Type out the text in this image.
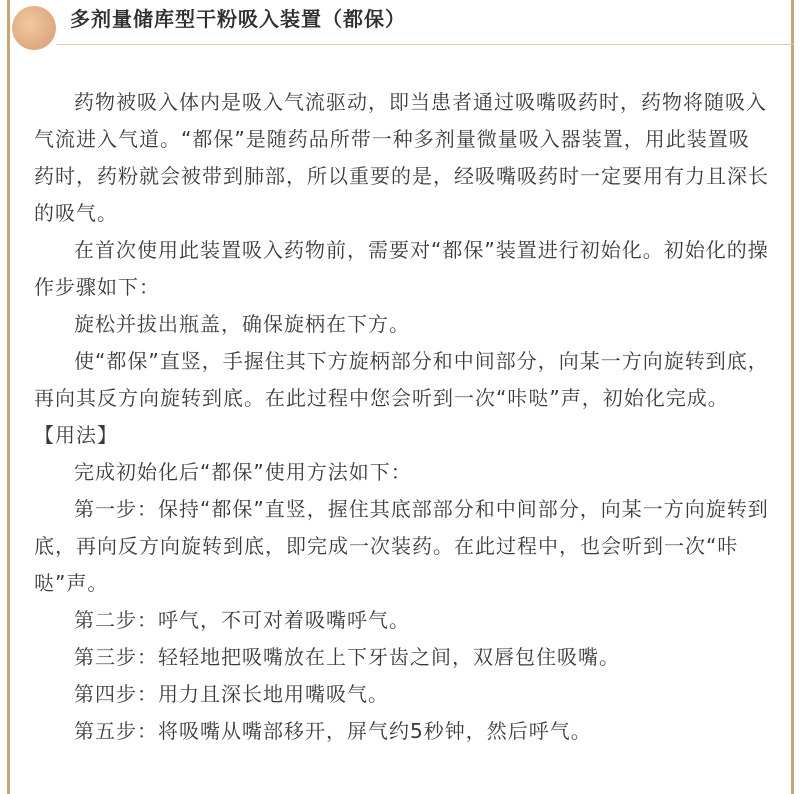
多剂量储库型干粉吸入装置（都保）

药物被吸入体内是吸入气流驱动，即当患者通过吸嘴吸药时，药物将随吸入气流进入气道。“都保”是随药品所带一种多剂量微量吸入器装置，用此装置吸药时，药粉就会被带到肺部，所以重要的是，经吸嘴吸药时一定要用有力且深长的吸气。

在首次使用此装置吸入药物前，需要对“都保”装置进行初始化。初始化的操作步骤如下：

旋松并拔出瓶盖，确保旋柄在下方。

使“都保”直竖，手握住其下方旋柄部分和中间部分，向某一方向旋转到底，再向其反方向旋转到底。在此过程中您会听到一次“咔哒”声，初始化完成。

【用法】

完成初始化后“都保”使用方法如下：

第一步：保持“都保”直竖，握住其底部部分和中间部分，向某一方向旋转到底，再向反方向旋转到底，即完成一次装药。在此过程中，也会听到一次“咔哒”声。

第二步：呼气，不可对着吸嘴呼气。

第三步：轻轻地把吸嘴放在上下牙齿之间，双唇包住吸嘴。

第四步：用力且深长地用嘴吸气。

第五步：将吸嘴从嘴部移开，屏气约5秒钟，然后呼气。
